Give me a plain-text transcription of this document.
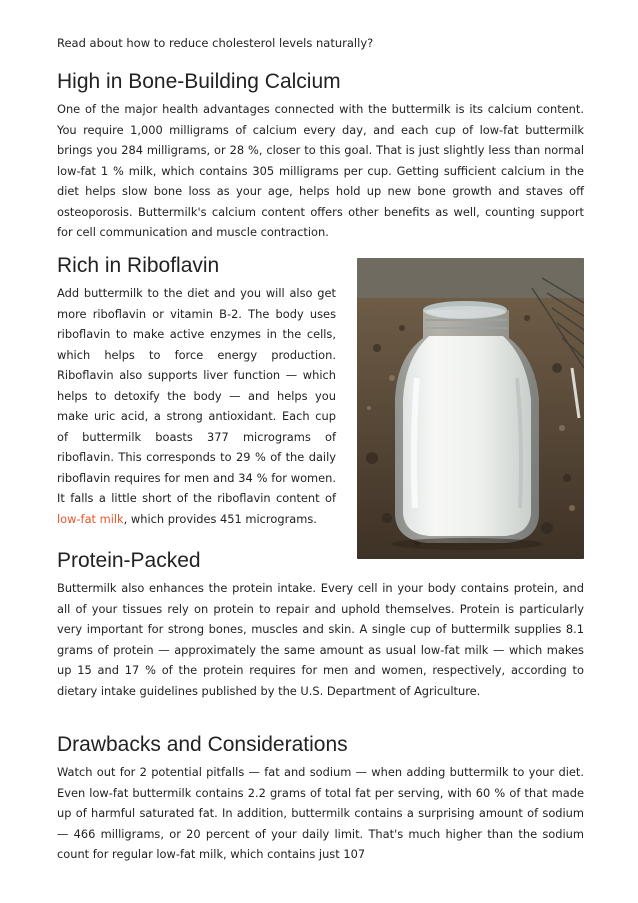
Read about how to reduce cholesterol levels naturally?
High in Bone-Building Calcium

One of the major health advantages connected with the buttermilk is its calcium content. You require 1,000 milligrams of calcium every day, and each cup of low-fat buttermilk brings you 284 milligrams, or 28 %, closer to this goal. That is just slightly less than normal low-fat 1 % milk, which contains 305 milligrams per cup. Getting sufficient calcium in the diet helps slow bone loss as your age, helps hold up new bone growth and staves off osteoporosis. Buttermilk's calcium content offers other benefits as well, counting support for cell communication and muscle contraction.

Rich in Riboflavin

Add buttermilk to the diet and you will also get more riboflavin or vitamin B-2. The body uses riboflavin to make active enzymes in the cells, which helps to force energy production. Riboflavin also supports liver function — which helps to detoxify the body — and helps you make uric acid, a strong antioxidant. Each cup of buttermilk boasts 377 micrograms of riboflavin. This corresponds to 29 % of the daily riboflavin requires for men and 34 % for women. It falls a little short of the riboflavin content of low-fat milk, which provides 451 micrograms.

Protein-Packed

Buttermilk also enhances the protein intake. Every cell in your body contains protein, and all of your tissues rely on protein to repair and uphold themselves. Protein is particularly very important for strong bones, muscles and skin. A single cup of buttermilk supplies 8.1 grams of protein — approximately the same amount as usual low-fat milk — which makes up 15 and 17 % of the protein requires for men and women, respectively, according to dietary intake guidelines published by the U.S. Department of Agriculture.

Drawbacks and Considerations

Watch out for 2 potential pitfalls — fat and sodium — when adding buttermilk to your diet. Even low-fat buttermilk contains 2.2 grams of total fat per serving, with 60 % of that made up of harmful saturated fat. In addition, buttermilk contains a surprising amount of sodium — 466 milligrams, or 20 percent of your daily limit. That's much higher than the sodium count for regular low-fat milk, which contains just 107
